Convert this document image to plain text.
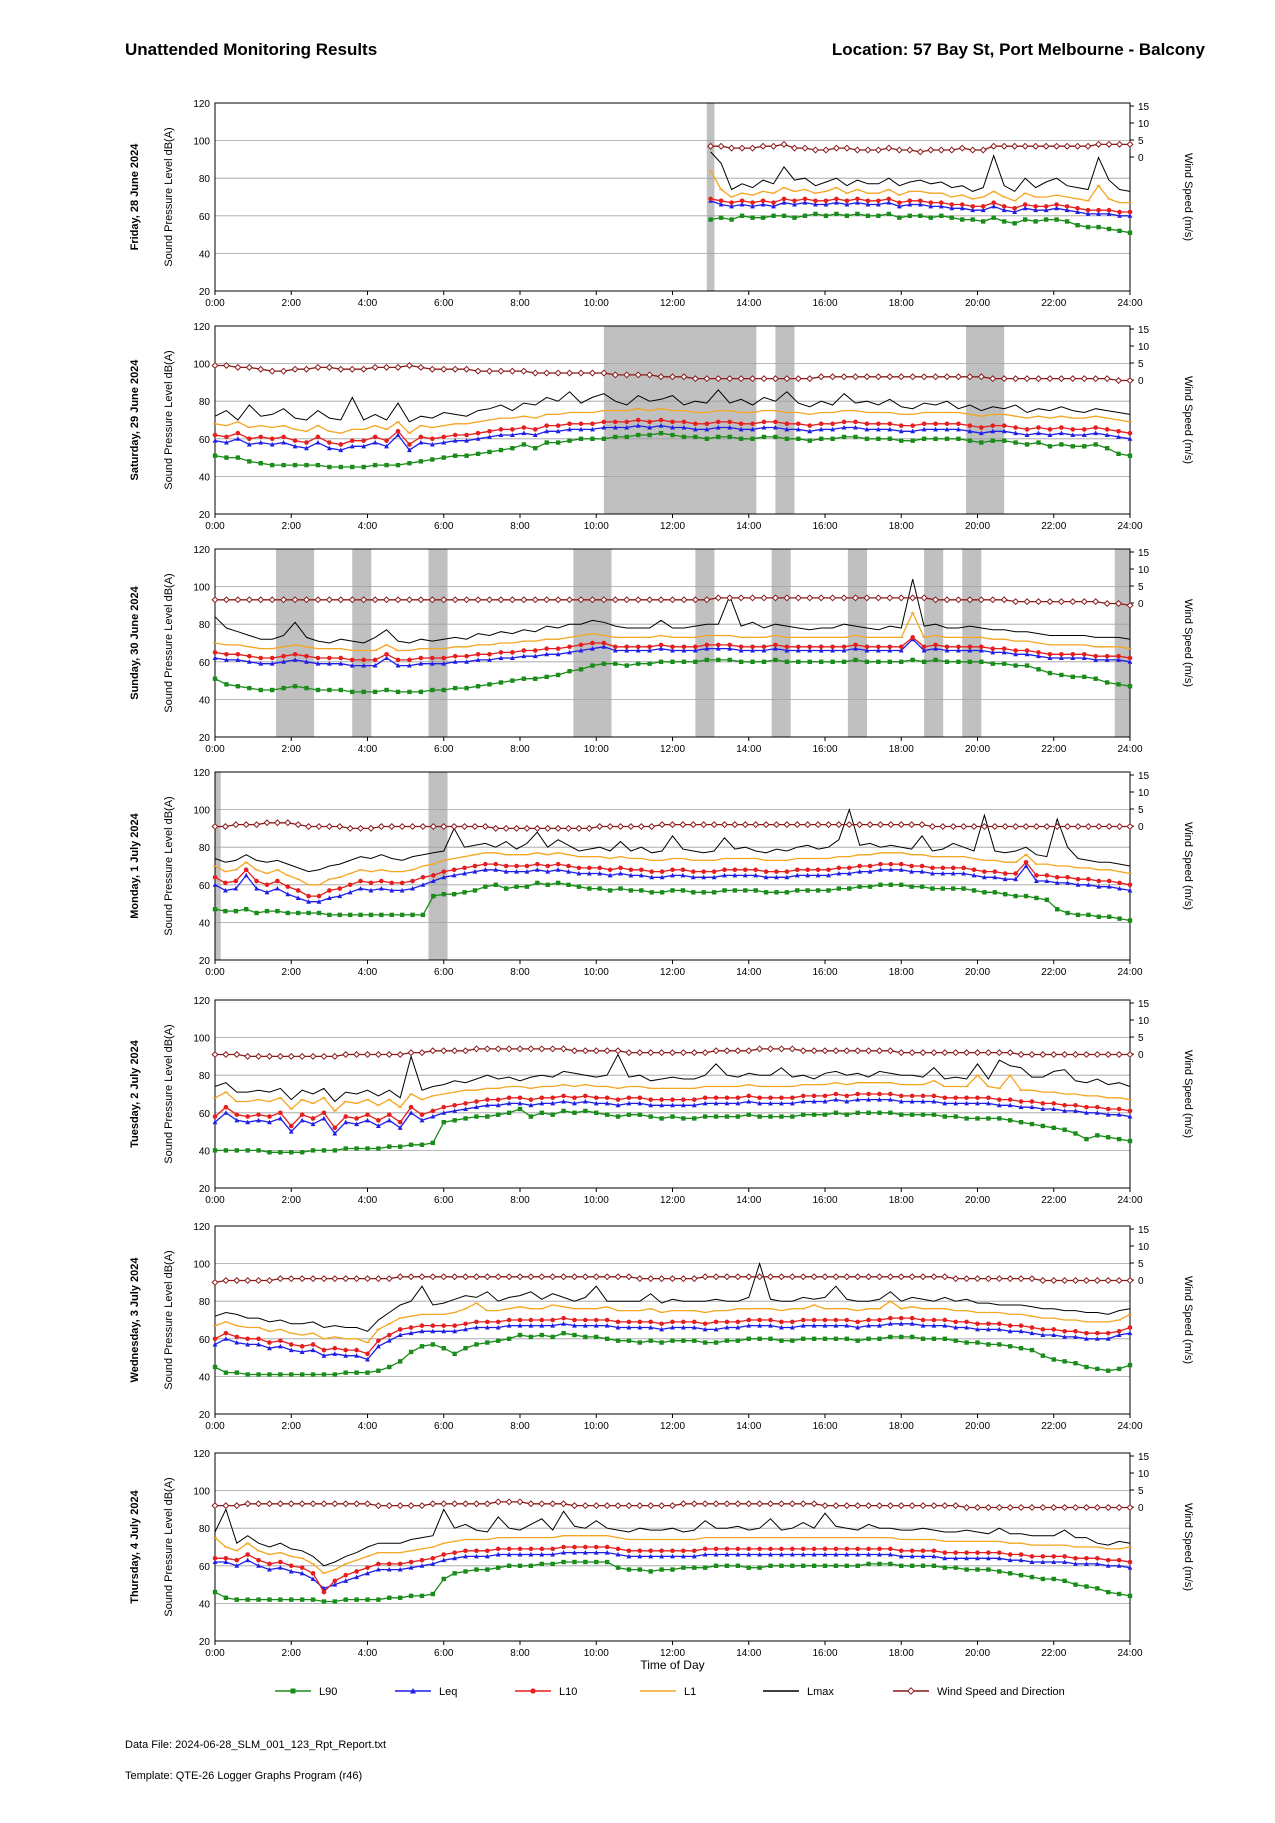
Unattended Monitoring Results	Location: 57 Bay St, Port Melbourne - Balcony
20
40
60
80
100
120
0:00	2:00	4:00	6:00	8:00	10:00	12:00	14:00	16:00	18:00	20:00	22:00	24:00
15
10
5
0
Friday, 28 June 2024 Sound Pressure Level dB(A)	Wind Speed (m/s)
20
40
60
80
100
120
0:00	2:00	4:00	6:00	8:00	10:00	12:00	14:00	16:00	18:00	20:00	22:00	24:00
15
10
5
0
Saturday, 29 June 2024 Sound Pressure Level dB(A)	Wind Speed (m/s)
20
40
60
80
100
120
0:00	2:00	4:00	6:00	8:00	10:00	12:00	14:00	16:00	18:00	20:00	22:00	24:00
15
10
5
0
Sunday, 30 June 2024 Sound Pressure Level dB(A)	Wind Speed (m/s)
20
40
60
80
100
120
0:00	2:00	4:00	6:00	8:00	10:00	12:00	14:00	16:00	18:00	20:00	22:00	24:00
15
10
5
0
Monday, 1 July 2024 Sound Pressure Level dB(A)	Wind Speed (m/s)
20
40
60
80
100
120
0:00	2:00	4:00	6:00	8:00	10:00	12:00	14:00	16:00	18:00	20:00	22:00	24:00
15
10
5
0
Tuesday, 2 July 2024 Sound Pressure Level dB(A)	Wind Speed (m/s)
20
40
60
80
100
120
0:00	2:00	4:00	6:00	8:00	10:00	12:00	14:00	16:00	18:00	20:00	22:00	24:00
15
10
5
0
Wednesday, 3 July 2024 Sound Pressure Level dB(A)	Wind Speed (m/s)
20
40
60
80
100
120
0:00	2:00	4:00	6:00	8:00	10:00	12:00	14:00	16:00	18:00	20:00	22:00	24:00
15
10
5
0
Thursday, 4 July 2024 Sound Pressure Level dB(A)	Wind Speed (m/s)
Time of Day
L90	Leq	L10	L1	Lmax	Wind Speed and Direction
Data File: 2024-06-28_SLM_001_123_Rpt_Report.txt
Template: QTE-26 Logger Graphs Program (r46)
